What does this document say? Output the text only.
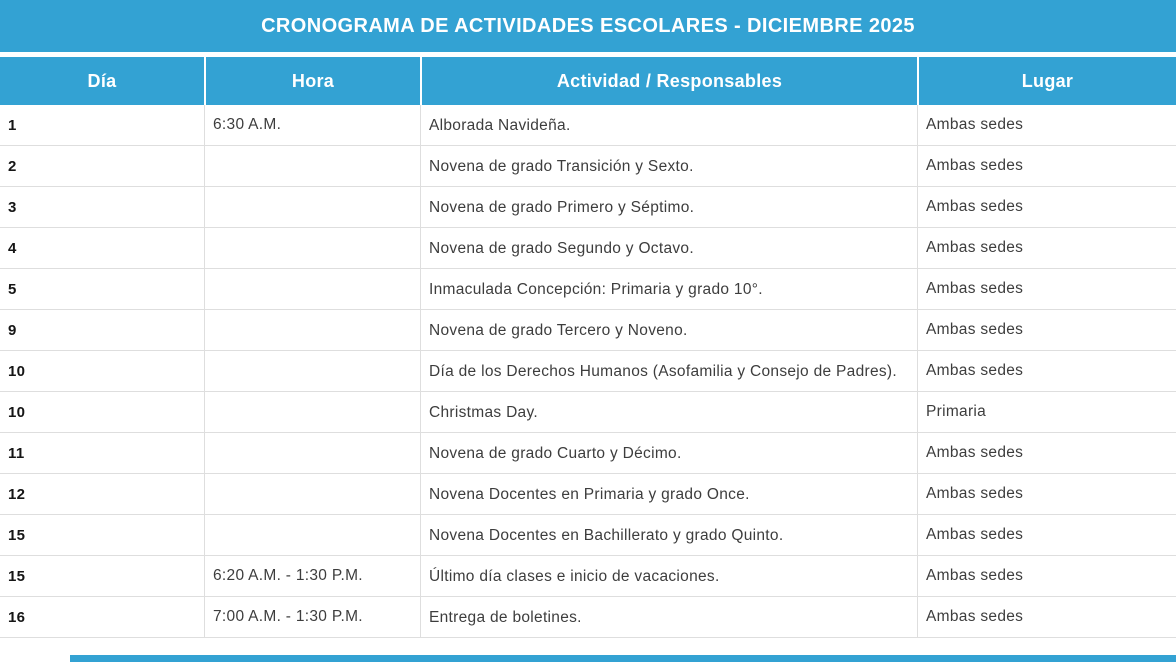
CRONOGRAMA DE ACTIVIDADES ESCOLARES - DICIEMBRE 2025
Día	Hora	Actividad / Responsables	Lugar
1	6:30 A.M.	Alborada Navideña.	Ambas sedes
2		Novena de grado Transición y Sexto.	Ambas sedes
3		Novena de grado Primero y Séptimo.	Ambas sedes
4		Novena de grado Segundo y Octavo.	Ambas sedes
5		Inmaculada Concepción: Primaria y grado 10°.	Ambas sedes
9		Novena de grado Tercero y Noveno.	Ambas sedes
10		Día de los Derechos Humanos (Asofamilia y Consejo de Padres).	Ambas sedes
10		Christmas Day.	Primaria
11		Novena de grado Cuarto y Décimo.	Ambas sedes
12		Novena Docentes en Primaria y grado Once.	Ambas sedes
15		Novena Docentes en Bachillerato y grado Quinto.	Ambas sedes
15	6:20 A.M. - 1:30 P.M.	Último día clases e inicio de vacaciones.	Ambas sedes
16	7:00 A.M. - 1:30 P.M.	Entrega de boletines.	Ambas sedes
